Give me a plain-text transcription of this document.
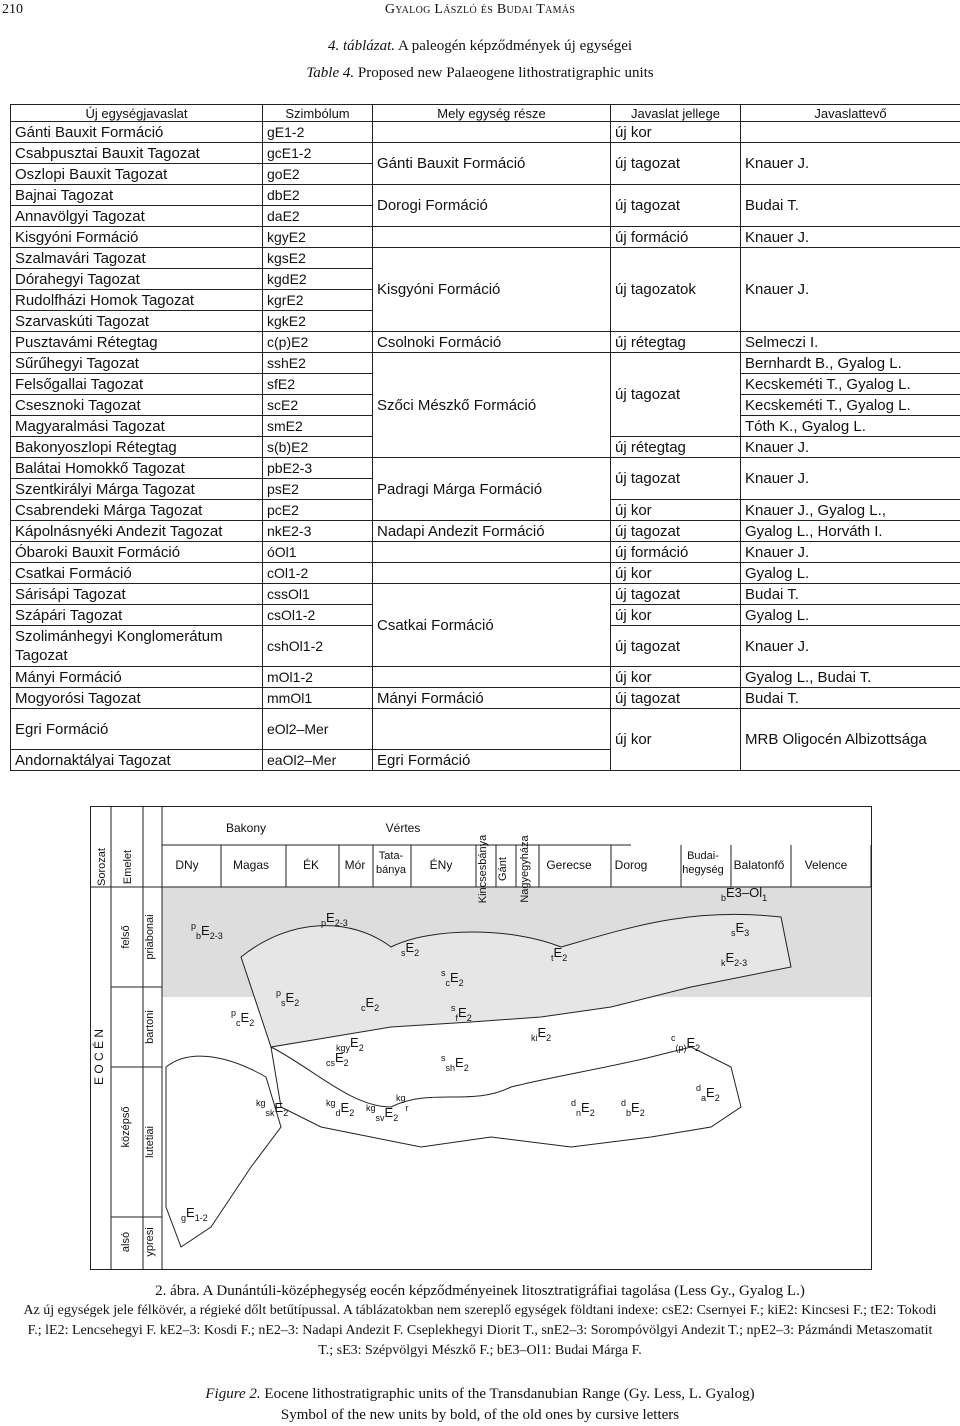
210	Gyalog László és Budai Tamás
4. táblázat. A paleogén képződmények új egységei
Table 4. Proposed new Palaeogene lithostratigraphic units
Új egységjavaslat	Szimbólum	Mely egység része	Javaslat jellege	Javaslattevő
Gánti Bauxit Formáció	gE1-2		új kor	
Csabpusztai Bauxit Tagozat	gcE1-2	Gánti Bauxit Formáció	új tagozat	Knauer J.
Oszlopi Bauxit Tagozat	goE2			
Bajnai Tagozat	dbE2	Dorogi Formáció	új tagozat	Budai T.
Annavölgyi Tagozat	daE2			
Kisgyóni Formáció	kgyE2		új formáció	Knauer J.
Szalmavári Tagozat	kgsE2	Kisgyóni Formáció	új tagozatok	Knauer J.
Dórahegyi Tagozat	kgdE2			
Rudolfházi Homok Tagozat	kgrE2			
Szarvaskúti Tagozat	kgkE2			
Pusztavámi Rétegtag	c(p)E2	Csolnoki Formáció	új rétegtag	Selmeczi I.
Sűrűhegyi Tagozat	sshE2	Szőci Mészkő Formáció	új tagozat	Bernhardt B., Gyalog L.
Felsőgallai Tagozat	sfE2			Kecskeméti T., Gyalog L.
Csesznoki Tagozat	scE2			Kecskeméti T., Gyalog L.
Magyaralmási Tagozat	smE2			Tóth K., Gyalog L.
Bakonyoszlopi Rétegtag	s(b)E2		új rétegtag	Knauer J.
Balátai Homokkő Tagozat	pbE2-3	Padragi Márga Formáció	új tagozat	Knauer J.
Szentkirályi Márga Tagozat	psE2			
Csabrendeki Márga Tagozat	pcE2		új kor	Knauer J., Gyalog L.,
Kápolnásnyéki Andezit Tagozat	nkE2-3	Nadapi Andezit Formáció	új tagozat	Gyalog L., Horváth I.
Óbaroki Bauxit Formáció	óOl1		új formáció	Knauer J.
Csatkai Formáció	cOl1-2		új kor	Gyalog L.
Sárisápi Tagozat	cssOl1	Csatkai Formáció	új tagozat	Budai T.
Szápári Tagozat	csOl1-2		új kor	Gyalog L.
Szolimánhegyi Konglomerátum Tagozat	cshOl1-2		új tagozat	Knauer J.
Mányi Formáció	mOl1-2		új kor	Gyalog L., Budai T.
Mogyorósi Tagozat	mmOl1	Mányi Formáció	új tagozat	Budai T.
Egri Formáció	eOl2–Mer		új kor	MRB Oligocén Albizottsága
Andornaktályai Tagozat	eaOl2–Mer	Egri Formáció		
Bakony	Vértes
DNy	Magas	ÉK Mór
Tata-
bánya ÉNy Kincsesbánya Gánt Nagyegyháza Gerecse Dorog
Budai-
hegység Balatonfő Velence
Sorozat Emelet
E O C É N
felső
középső
alsó
priabonai
bartoni
lutetiai
ypresi
$^p_bE_{2-3}$
$^p_sE_2$
$^p_cE_2$
$^pE_{2-3}$
$^sE_2$
$^s_cE_2$
$^s_fE_2$
$^s_{sh}E_2$
$^{cs}E_2$
$^cE_2$
$^c_{(p)}E_2$
$^{kgy}E_2$
$^{kg}_{sk}E_2$
$^{kg}_dE_2$ $^{kg}_{sv}E_2$
$^{kg}_r$	$^d_nE_2$
$^d_bE_2$
$^d_aE_2$
$^kE_{2-3}$
$^{ki}E_2$
$^tE_2$
$^bE3-Ol_1$
$^sE_3$
$^gE_{1-2}$
2. ábra. A Dunántúli-középhegység eocén képződményeinek litosztratigráfiai tagolása (Less Gy., Gyalog L.)
Az új egységek jele félkövér, a régieké dőlt betűtípussal. A táblázatokban nem szereplő egységek földtani indexe: csE2: Csernyei F.; kiE2: Kincsesi F.; tE2: Tokodi F.; lE2: Lencsehegyi F. kE2–3: Kosdi F.; nE2–3: Nadapi Andezit F. Cseplekhegyi Diorit T., snE2–3: Sorompóvölgyi Andezit T.; npE2–3: Pázmándi Metaszomatit T.; sE3: Szépvölgyi Mészkő F.; bE3–Ol1: Budai Márga F.
Figure 2. Eocene lithostratigraphic units of the Transdanubian Range (Gy. Less, L. Gyalog)
Symbol of the new units by bold, of the old ones by cursive letters
